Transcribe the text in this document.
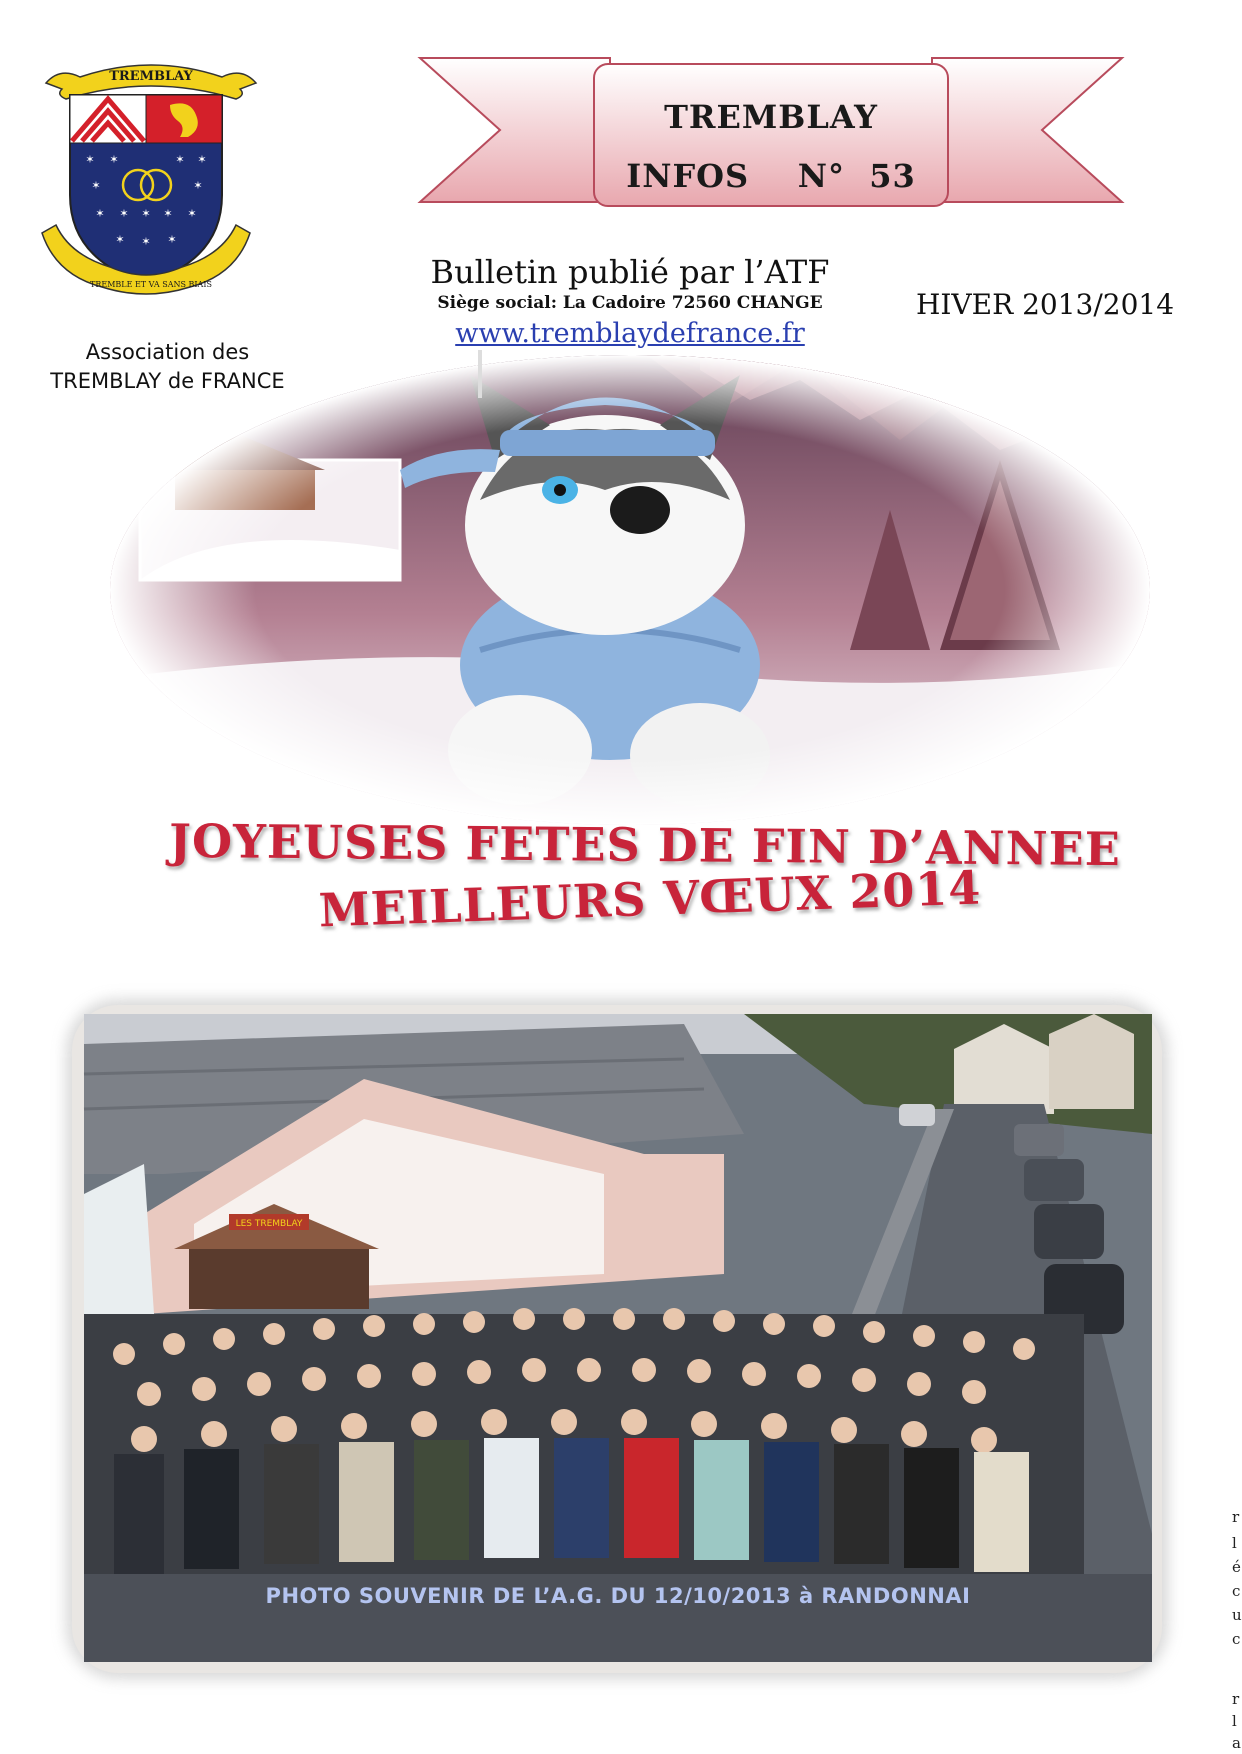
TREMBLAY
✶ ✶	✶ ✶
✶	✶
✶ ✶ ✶ ✶ ✶
✶ ✶ ✶
TREMBLE ET VA SANS BIAIS
Association des
TREMBLAY de FRANCE
TREMBLAY
INFOS    N°  53
Bulletin publié par l’ATF
Siège social: La Cadoire 72560 CHANGE
www.tremblaydefrance.fr
HIVER 2013/2014
JOYEUSES FETES DE FIN D’ANNEE
MEILLEURS VŒUX 2014
LES TREMBLAY
PHOTO SOUVENIR DE L’A.G. DU 12/10/2013 à RANDONNAI
r
l
é
c
u
c
r
l
a
